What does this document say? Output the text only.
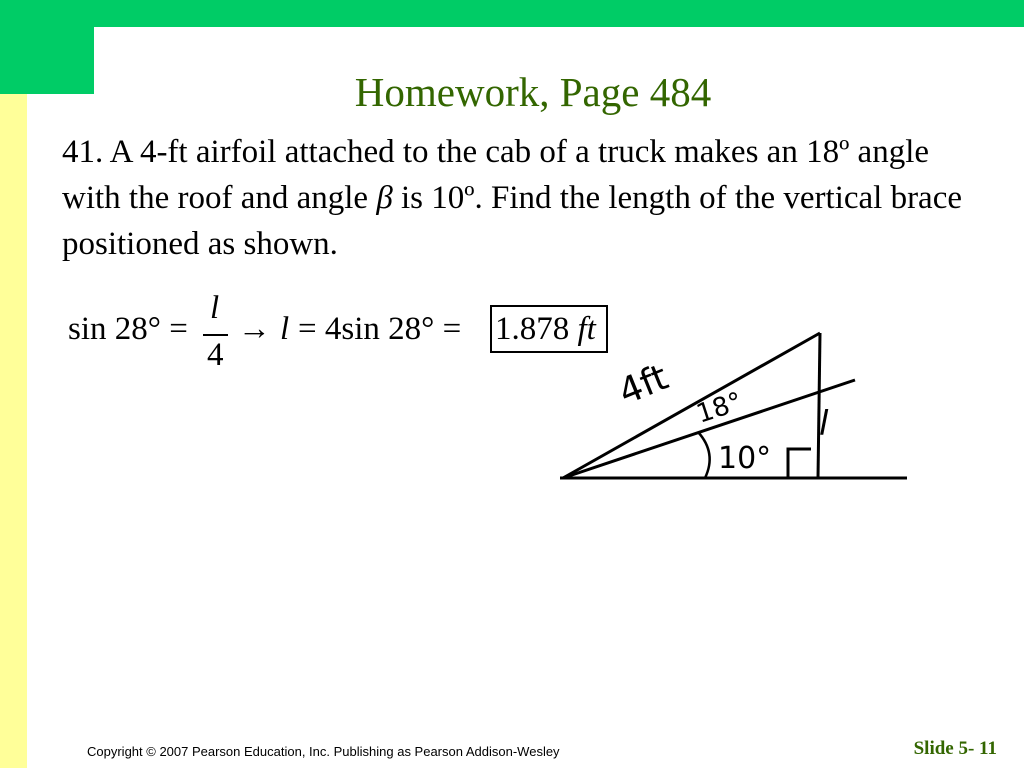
Homework, Page 484
41. A 4-ft airfoil attached to the cab of a truck makes an 18º angle with the roof and angle β is 10º. Find the length of the vertical brace positioned as shown.
sin 28° =
l
4
→ l = 4sin 28° = 1.878 ft
4ft 18°
10°
l
Copyright © 2007 Pearson Education, Inc. Publishing as Pearson Addison-Wesley	Slide 5- 11
